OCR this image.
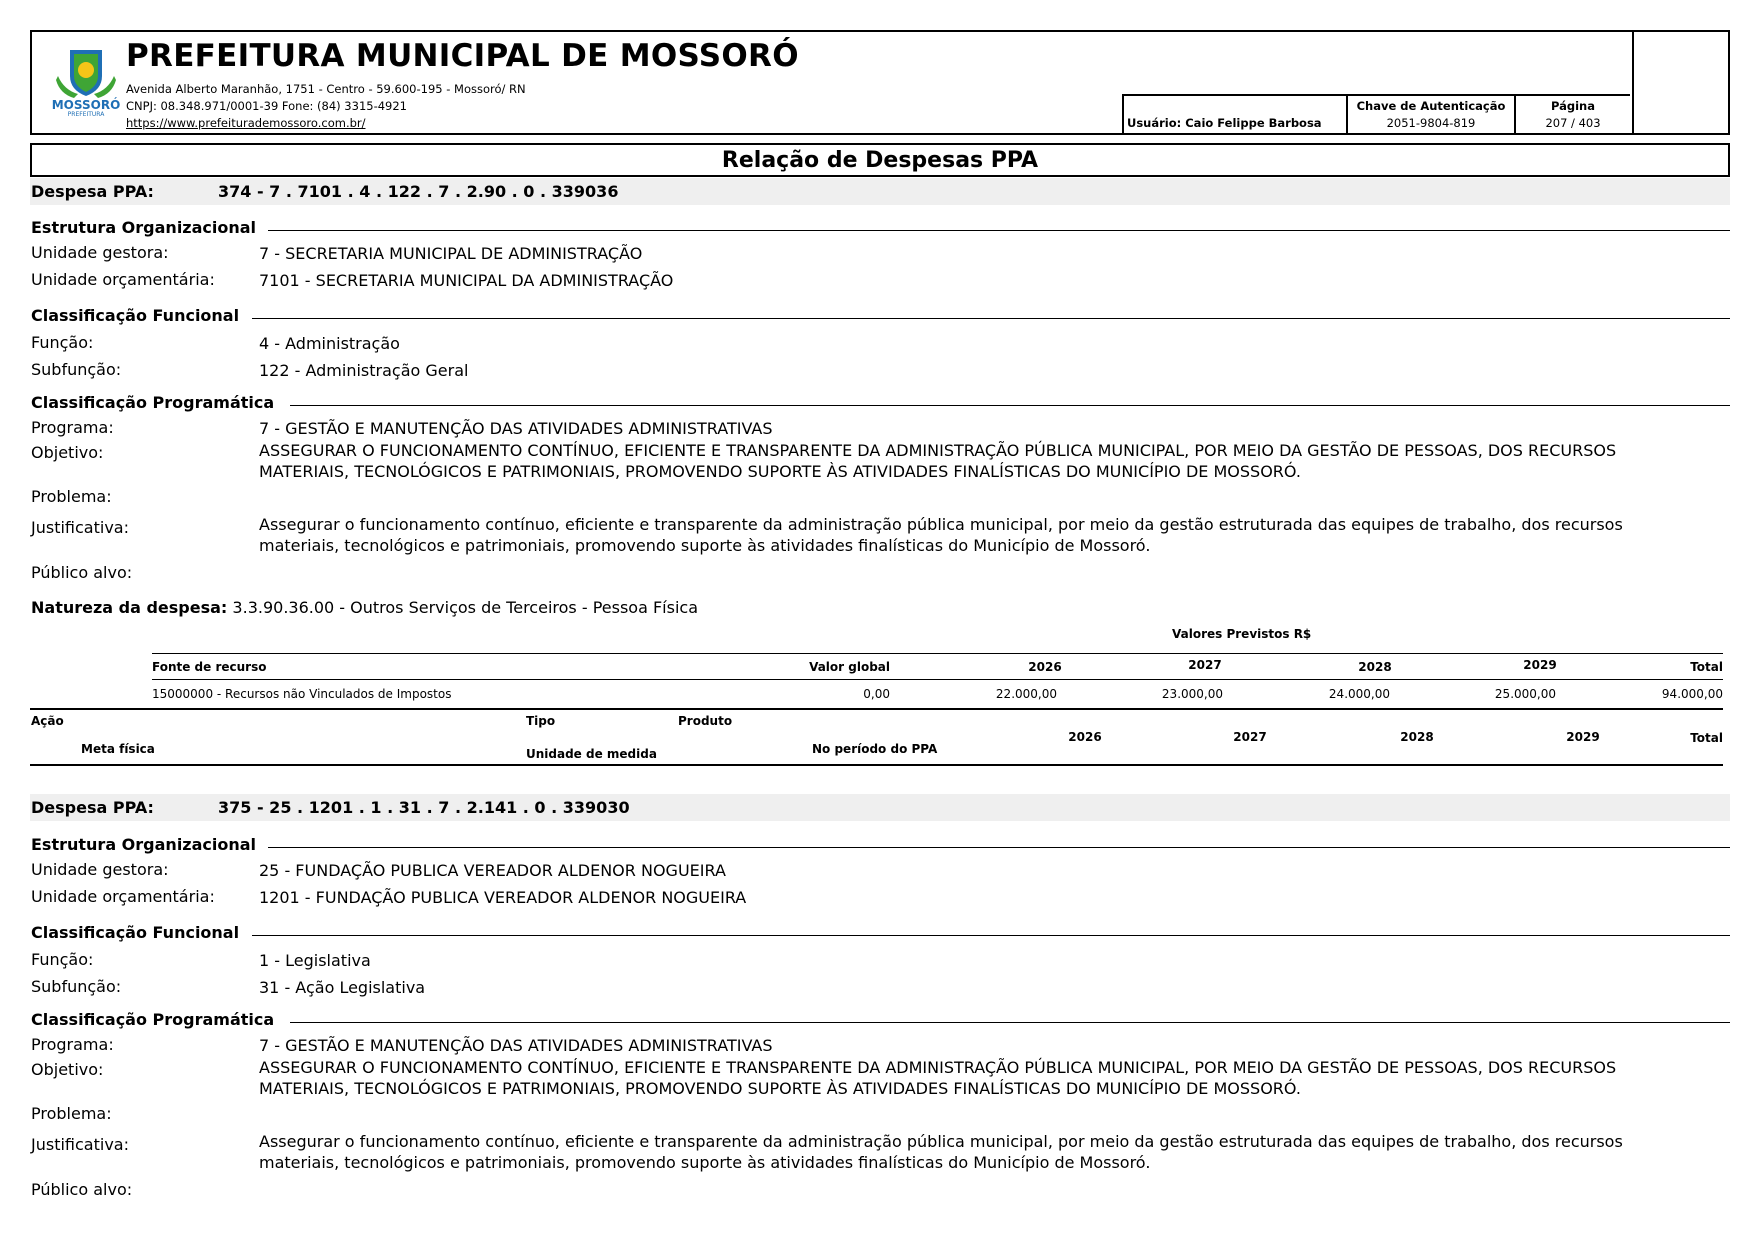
MOSSORÓ
PREFEITURA
PREFEITURA MUNICIPAL DE MOSSORÓ
Avenida Alberto Maranhão, 1751 - Centro - 59.600-195 - Mossoró/ RN
CNPJ: 08.348.971/0001-39 Fone: (84) 3315-4921
https://www.prefeiturademossoro.com.br/	Usuário: Caio Felippe Barbosa
Chave de Autenticação
2051-9804-819
Página
207 / 403
Relação de Despesas PPA
Despesa PPA:	374 - 7 . 7101 . 4 . 122 . 7 . 2.90 . 0 . 339036
Estrutura Organizacional
Unidade gestora:	7 - SECRETARIA MUNICIPAL DE ADMINISTRAÇÃO
Unidade orçamentária:	7101 - SECRETARIA MUNICIPAL DA ADMINISTRAÇÃO
Classificação Funcional
Função:	4 - Administração
Subfunção:	122 - Administração Geral
Classificação Programática
Programa:	7 - GESTÃO E MANUTENÇÃO DAS ATIVIDADES ADMINISTRATIVAS
Objetivo:	ASSEGURAR O FUNCIONAMENTO CONTÍNUO, EFICIENTE E TRANSPARENTE DA ADMINISTRAÇÃO PÚBLICA MUNICIPAL, POR MEIO DA GESTÃO DE PESSOAS, DOS RECURSOS MATERIAIS, TECNOLÓGICOS E PATRIMONIAIS, PROMOVENDO SUPORTE ÀS ATIVIDADES FINALÍSTICAS DO MUNICÍPIO DE MOSSORÓ.
Problema:
Justificativa:	Assegurar o funcionamento contínuo, eficiente e transparente da administração pública municipal, por meio da gestão estruturada das equipes de trabalho, dos recursos materiais, tecnológicos e patrimoniais, promovendo suporte às atividades finalísticas do Município de Mossoró.
Público alvo:
Natureza da despesa: 3.3.90.36.00 - Outros Serviços de Terceiros - Pessoa Física
Valores Previstos R$
Fonte de recurso	Valor global	2026	2027	2028	2029	Total
15000000 - Recursos não Vinculados de Impostos	0,00	22.000,00	23.000,00	24.000,00	25.000,00	94.000,00
Ação	Tipo	Produto
2026	2027	2028	2029	Total
Meta física	Unidade de medida	No período do PPA
Despesa PPA:	375 - 25 . 1201 . 1 . 31 . 7 . 2.141 . 0 . 339030
Estrutura Organizacional
Unidade gestora:	25 - FUNDAÇÃO PUBLICA VEREADOR ALDENOR NOGUEIRA
Unidade orçamentária:	1201 - FUNDAÇÃO PUBLICA VEREADOR ALDENOR NOGUEIRA
Classificação Funcional
Função:	1 - Legislativa
Subfunção:	31 - Ação Legislativa
Classificação Programática
Programa:	7 - GESTÃO E MANUTENÇÃO DAS ATIVIDADES ADMINISTRATIVAS
Objetivo:	ASSEGURAR O FUNCIONAMENTO CONTÍNUO, EFICIENTE E TRANSPARENTE DA ADMINISTRAÇÃO PÚBLICA MUNICIPAL, POR MEIO DA GESTÃO DE PESSOAS, DOS RECURSOS MATERIAIS, TECNOLÓGICOS E PATRIMONIAIS, PROMOVENDO SUPORTE ÀS ATIVIDADES FINALÍSTICAS DO MUNICÍPIO DE MOSSORÓ.
Problema:
Justificativa:	Assegurar o funcionamento contínuo, eficiente e transparente da administração pública municipal, por meio da gestão estruturada das equipes de trabalho, dos recursos materiais, tecnológicos e patrimoniais, promovendo suporte às atividades finalísticas do Município de Mossoró.
Público alvo:
